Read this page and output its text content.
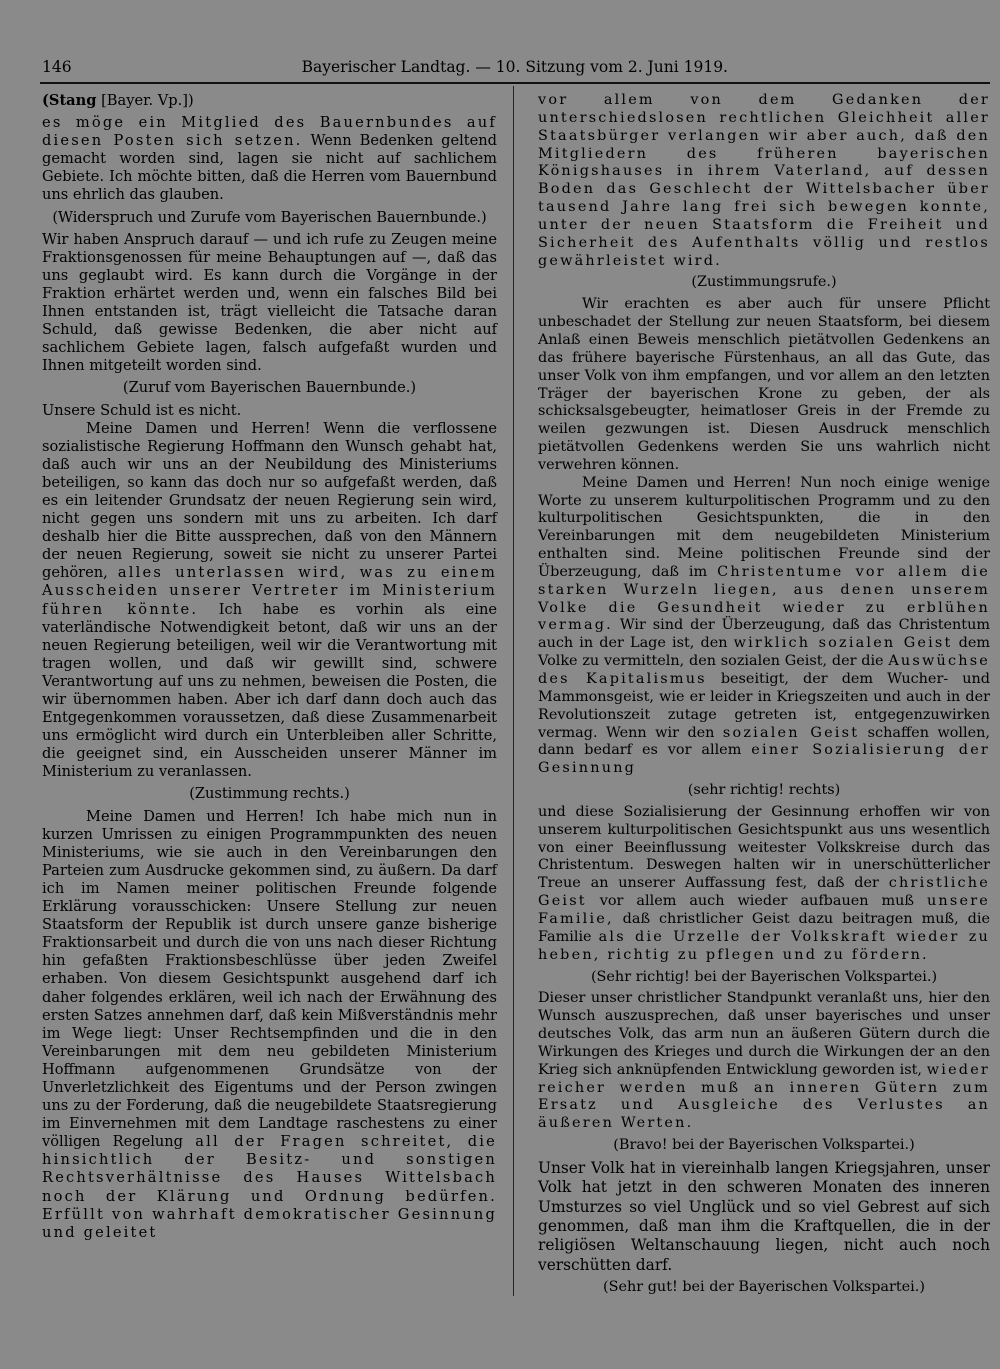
146	Bayerischer Landtag. — 10. Sitzung vom 2. Juni 1919.

(Stang [Bayer. Vp.])

es möge ein Mitglied des Bauernbundes auf diesen Posten sich setzen. Wenn Bedenken geltend gemacht worden sind, lagen sie nicht auf sachlichem Gebiete. Ich möchte bitten, daß die Herren vom Bauernbund uns ehrlich das glauben.

(Widerspruch und Zurufe vom Bayerischen Bauernbunde.)

Wir haben Anspruch darauf — und ich rufe zu Zeugen meine Fraktionsgenossen für meine Behauptungen auf —, daß das uns geglaubt wird. Es kann durch die Vorgänge in der Fraktion erhärtet werden und, wenn ein falsches Bild bei Ihnen entstanden ist, trägt vielleicht die Tatsache daran Schuld, daß gewisse Bedenken, die aber nicht auf sachlichem Gebiete lagen, falsch aufgefaßt wurden und Ihnen mitgeteilt worden sind.

(Zuruf vom Bayerischen Bauernbunde.)

Unsere Schuld ist es nicht.

Meine Damen und Herren! Wenn die verflossene sozialistische Regierung Hoffmann den Wunsch gehabt hat, daß auch wir uns an der Neubildung des Ministeriums beteiligen, so kann das doch nur so aufgefaßt werden, daß es ein leitender Grundsatz der neuen Regierung sein wird, nicht gegen uns sondern mit uns zu arbeiten. Ich darf deshalb hier die Bitte aussprechen, daß von den Männern der neuen Regierung, soweit sie nicht zu unserer Partei gehören, alles unterlassen wird, was zu einem Ausscheiden unserer Vertreter im Ministerium führen könnte. Ich habe es vorhin als eine vaterländische Notwendigkeit betont, daß wir uns an der neuen Regierung beteiligen, weil wir die Verantwortung mit tragen wollen, und daß wir gewillt sind, schwere Verantwortung auf uns zu nehmen, beweisen die Posten, die wir übernommen haben. Aber ich darf dann doch auch das Entgegenkommen voraussetzen, daß diese Zusammenarbeit uns ermöglicht wird durch ein Unterbleiben aller Schritte, die geeignet sind, ein Ausscheiden unserer Männer im Ministerium zu veranlassen.

(Zustimmung rechts.)

Meine Damen und Herren! Ich habe mich nun in kurzen Umrissen zu einigen Programmpunkten des neuen Ministeriums, wie sie auch in den Vereinbarungen den Parteien zum Ausdrucke gekommen sind, zu äußern. Da darf ich im Namen meiner politischen Freunde folgende Erklärung vorausschicken: Unsere Stellung zur neuen Staatsform der Republik ist durch unsere ganze bisherige Fraktionsarbeit und durch die von uns nach dieser Richtung hin gefaßten Fraktionsbeschlüsse über jeden Zweifel erhaben. Von diesem Gesichtspunkt ausgehend darf ich daher folgendes erklären, weil ich nach der Erwähnung des ersten Satzes annehmen darf, daß kein Mißverständnis mehr im Wege liegt: Unser Rechtsempfinden und die in den Vereinbarungen mit dem neu gebildeten Ministerium Hoffmann aufgenommenen Grundsätze von der Unverletzlichkeit des Eigentums und der Person zwingen uns zu der Forderung, daß die neugebildete Staatsregierung im Einvernehmen mit dem Landtage raschestens zu einer völligen Regelung all der Fragen schreitet, die hinsichtlich der Besitz- und sonstigen Rechtsverhältnisse des Hauses Wittelsbach noch der Klärung und Ordnung bedürfen. Erfüllt von wahrhaft demokratischer Gesinnung und geleitet

vor allem von dem Gedanken der unterschiedslosen rechtlichen Gleichheit aller Staatsbürger verlangen wir aber auch, daß den Mitgliedern des früheren bayerischen Königshauses in ihrem Vaterland, auf dessen Boden das Geschlecht der Wittelsbacher über tausend Jahre lang frei sich bewegen konnte, unter der neuen Staatsform die Freiheit und Sicherheit des Aufenthalts völlig und restlos gewährleistet wird.

(Zustimmungsrufe.)

Wir erachten es aber auch für unsere Pflicht unbeschadet der Stellung zur neuen Staatsform, bei diesem Anlaß einen Beweis menschlich pietätvollen Gedenkens an das frühere bayerische Fürstenhaus, an all das Gute, das unser Volk von ihm empfangen, und vor allem an den letzten Träger der bayerischen Krone zu geben, der als schicksalsgebeugter, heimatloser Greis in der Fremde zu weilen gezwungen ist. Diesen Ausdruck menschlich pietätvollen Gedenkens werden Sie uns wahrlich nicht verwehren können.

Meine Damen und Herren! Nun noch einige wenige Worte zu unserem kulturpolitischen Programm und zu den kulturpolitischen Gesichtspunkten, die in den Vereinbarungen mit dem neugebildeten Ministerium enthalten sind. Meine politischen Freunde sind der Überzeugung, daß im Christentume vor allem die starken Wurzeln liegen, aus denen unserem Volke die Gesundheit wieder zu erblühen vermag. Wir sind der Überzeugung, daß das Christentum auch in der Lage ist, den wirklich sozialen Geist dem Volke zu vermitteln, den sozialen Geist, der die Auswüchse des Kapitalismus beseitigt, der dem Wucher- und Mammonsgeist, wie er leider in Kriegszeiten und auch in der Revolutionszeit zutage getreten ist, entgegenzuwirken vermag. Wenn wir den sozialen Geist schaffen wollen, dann bedarf es vor allem einer Sozialisierung der Gesinnung

(sehr richtig! rechts)

und diese Sozialisierung der Gesinnung erhoffen wir von unserem kulturpolitischen Gesichtspunkt aus uns wesentlich von einer Beeinflussung weitester Volkskreise durch das Christentum. Deswegen halten wir in unerschütterlicher Treue an unserer Auffassung fest, daß der christliche Geist vor allem auch wieder aufbauen muß unsere Familie, daß christlicher Geist dazu beitragen muß, die Familie als die Urzelle der Volkskraft wieder zu heben, richtig zu pflegen und zu fördern.

(Sehr richtig! bei der Bayerischen Volkspartei.)

Dieser unser christlicher Standpunkt veranlaßt uns, hier den Wunsch auszusprechen, daß unser bayerisches und unser deutsches Volk, das arm nun an äußeren Gütern durch die Wirkungen des Krieges und durch die Wirkungen der an den Krieg sich anknüpfenden Entwicklung geworden ist, wieder reicher werden muß an inneren Gütern zum Ersatz und Ausgleiche des Verlustes an äußeren Werten.

(Bravo! bei der Bayerischen Volkspartei.)

Unser Volk hat in viereinhalb langen Kriegsjahren, unser Volk hat jetzt in den schweren Monaten des inneren Umsturzes so viel Unglück und so viel Gebrest auf sich genommen, daß man ihm die Kraftquellen, die in der religiösen Weltanschauung liegen, nicht auch noch verschütten darf.

(Sehr gut! bei der Bayerischen Volkspartei.)
